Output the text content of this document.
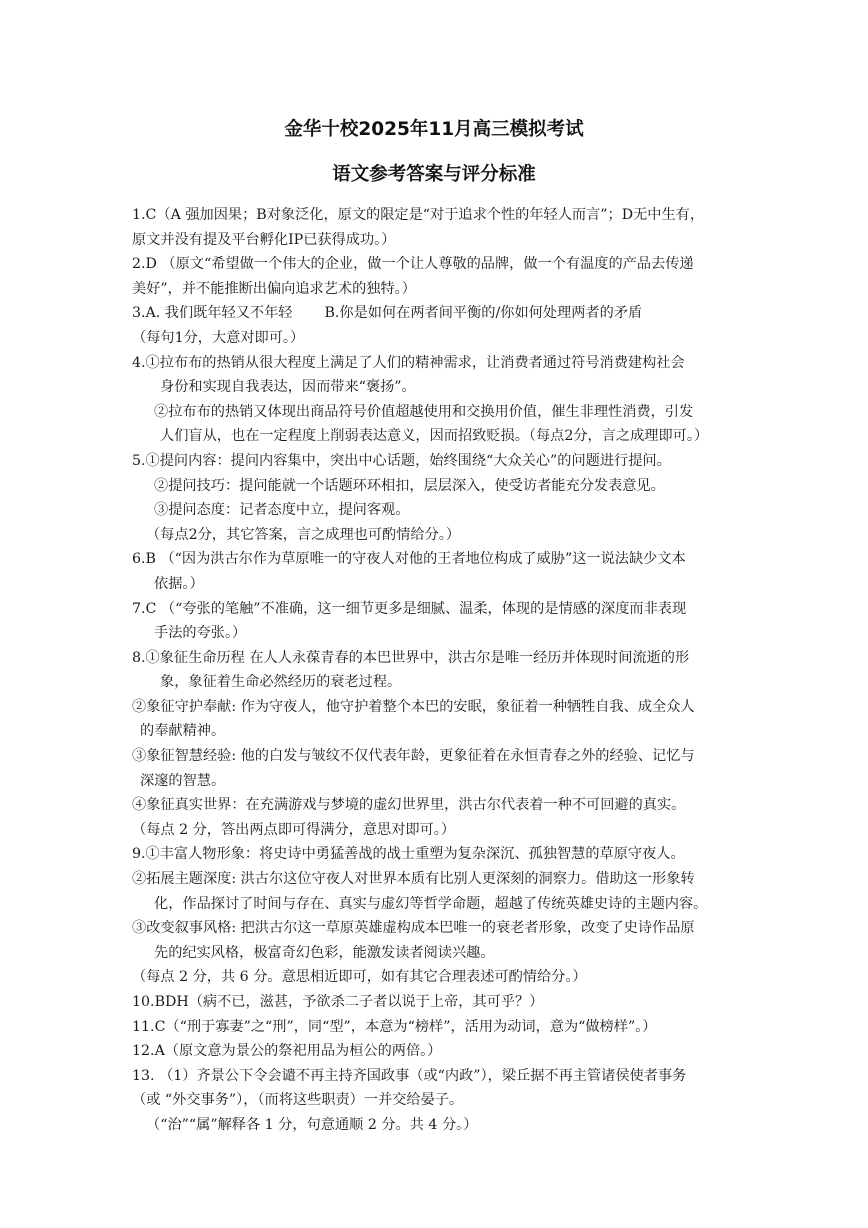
金华十校2025年11月高三模拟考试
语文参考答案与评分标准
1.C（A 强加因果；B对象泛化，原文的限定是“对于追求个性的年轻人而言”；D无中生有，
原文并没有提及平台孵化IP已获得成功。）
2.D （原文“希望做一个伟大的企业，做一个让人尊敬的品牌，做一个有温度的产品去传递
美好”，并不能推断出偏向追求艺术的独特。）
3.A. 我们既年轻又不年轻 B.你是如何在两者间平衡的/你如何处理两者的矛盾
（每句1分，大意对即可。）
4.①拉布布的热销从很大程度上满足了人们的精神需求，让消费者通过符号消费建构社会
身份和实现自我表达，因而带来“褒扬”。
②拉布布的热销又体现出商品符号价值超越使用和交换用价值，催生非理性消费，引发
人们盲从，也在一定程度上削弱表达意义，因而招致贬损。（每点2分，言之成理即可。）
5.①提问内容：提问内容集中，突出中心话题，始终围绕“大众关心”的问题进行提问。
②提问技巧：提问能就一个话题环环相扣，层层深入，使受访者能充分发表意见。
③提问态度：记者态度中立，提问客观。
（每点2分，其它答案，言之成理也可酌情给分。）
6.B （“因为洪古尔作为草原唯一的守夜人对他的王者地位构成了威胁”这一说法缺少文本
依据。）
7.C （“夸张的笔触”不准确，这一细节更多是细腻、温柔，体现的是情感的深度而非表现
手法的夸张。）
8.①象征生命历程 在人人永葆青春的本巴世界中，洪古尔是唯一经历并体现时间流逝的形
象，象征着生命必然经历的衰老过程。
②象征守护奉献: 作为守夜人，他守护着整个本巴的安眠，象征着一种牺牲自我、成全众人
的奉献精神。
③象征智慧经验: 他的白发与皱纹不仅代表年龄，更象征着在永恒青春之外的经验、记忆与
深邃的智慧。
④象征真实世界：在充满游戏与梦境的虚幻世界里，洪古尔代表着一种不可回避的真实。
（每点 2 分，答出两点即可得满分，意思对即可。）
9.①丰富人物形象：将史诗中勇猛善战的战士重塑为复杂深沉、孤独智慧的草原守夜人。
②拓展主题深度: 洪古尔这位守夜人对世界本质有比别人更深刻的洞察力。借助这一形象转
化，作品探讨了时间与存在、真实与虚幻等哲学命题，超越了传统英雄史诗的主题内容。
③改变叙事风格: 把洪古尔这一草原英雄虚构成本巴唯一的衰老者形象，改变了史诗作品原
先的纪实风格，极富奇幻色彩，能激发读者阅读兴趣。
（每点 2 分，共 6 分。意思相近即可，如有其它合理表述可酌情给分。）
10.BDH（病不已，滋甚，予欲杀二子者以说于上帝，其可乎？）
11.C（“刑于寡妻”之“刑”，同“型”，本意为“榜样”，活用为动词，意为“做榜样”。）
12.A（原文意为景公的祭祀用品为桓公的两倍。）
13. （1）齐景公下令会谴不再主持齐国政事（或“内政”），梁丘据不再主管诸侯使者事务
（或 “外交事务”），（而将这些职责）一并交给晏子。
（“治”“属”解释各 1 分，句意通顺 2 分。共 4 分。）
